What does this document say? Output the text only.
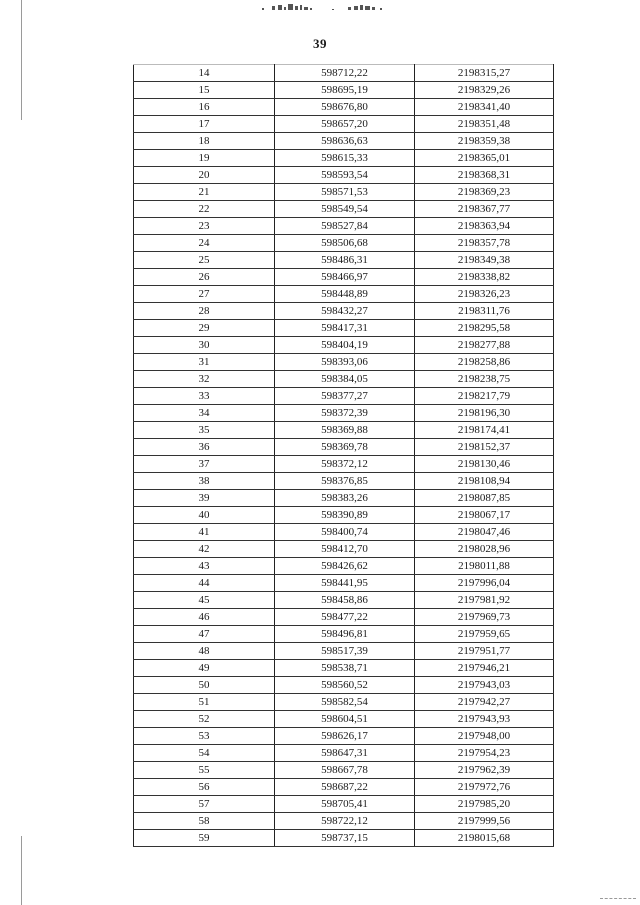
39
14	598712,22	2198315,27
15	598695,19	2198329,26
16	598676,80	2198341,40
17	598657,20	2198351,48
18	598636,63	2198359,38
19	598615,33	2198365,01
20	598593,54	2198368,31
21	598571,53	2198369,23
22	598549,54	2198367,77
23	598527,84	2198363,94
24	598506,68	2198357,78
25	598486,31	2198349,38
26	598466,97	2198338,82
27	598448,89	2198326,23
28	598432,27	2198311,76
29	598417,31	2198295,58
30	598404,19	2198277,88
31	598393,06	2198258,86
32	598384,05	2198238,75
33	598377,27	2198217,79
34	598372,39	2198196,30
35	598369,88	2198174,41
36	598369,78	2198152,37
37	598372,12	2198130,46
38	598376,85	2198108,94
39	598383,26	2198087,85
40	598390,89	2198067,17
41	598400,74	2198047,46
42	598412,70	2198028,96
43	598426,62	2198011,88
44	598441,95	2197996,04
45	598458,86	2197981,92
46	598477,22	2197969,73
47	598496,81	2197959,65
48	598517,39	2197951,77
49	598538,71	2197946,21
50	598560,52	2197943,03
51	598582,54	2197942,27
52	598604,51	2197943,93
53	598626,17	2197948,00
54	598647,31	2197954,23
55	598667,78	2197962,39
56	598687,22	2197972,76
57	598705,41	2197985,20
58	598722,12	2197999,56
59	598737,15	2198015,68
